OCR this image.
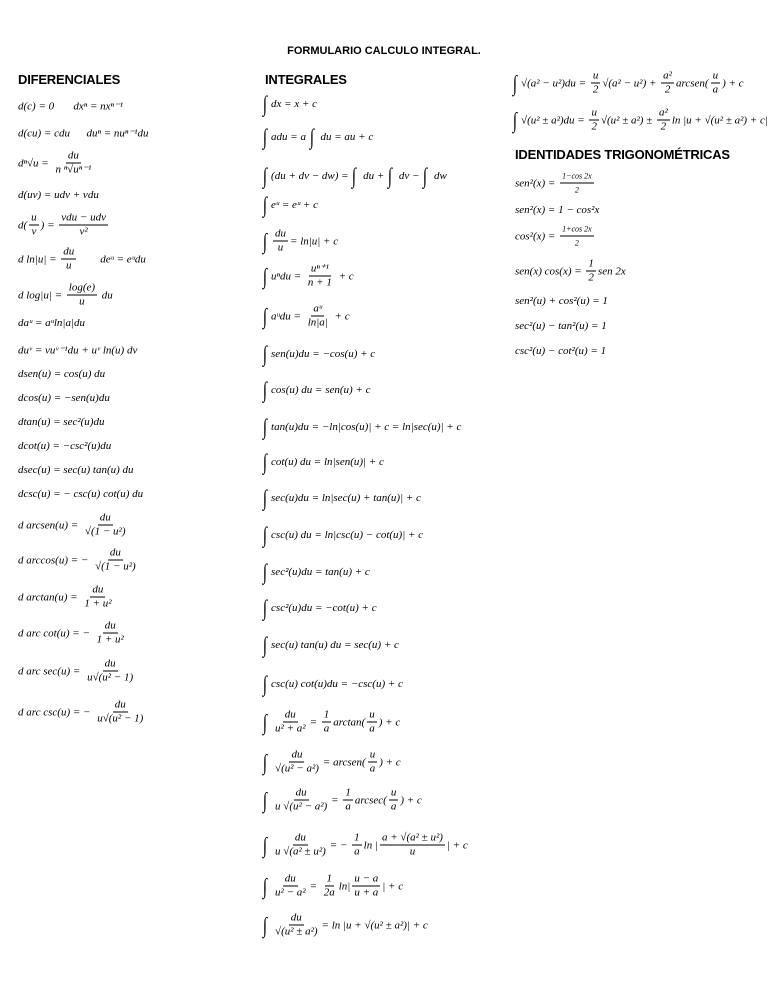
FORMULARIO CALCULO INTEGRAL.
DIFERENCIALES	INTEGRALES
IDENTIDADES TRIGONOMÉTRICAS
d(c) = 0       dxⁿ = nxⁿ⁻¹
d(cu) = cdu      duⁿ = nuⁿ⁻¹du
$d^n√u = \frac{du}{\text{n ⁿ√uⁿ⁻¹}}$
d(uv) = udv + vdu
$d( \frac{u}{v}$ ) =
vdu − udv
v²
d $\ln|u| = \frac{du}{u}$ deᵘ = eᵘdu
d $\log|u| = \frac{\log(e)}{u}$ du
daᵘ = aᵘln|a|du
duᵛ = vuᵛ⁻¹du + uᵛ ln(u) dv
dsen(u) = cos(u) du
dcos(u) = −sen(u)du
dtan(u) = sec²(u)du
dcot(u) = −csc²(u)du
dsec(u) = sec(u) tan(u) du
dcsc(u) = − csc(u) cot(u) du
d arcsen(u) = $\frac{du}{\text{√(1 − u²)}}$
d arccos(u) = − $\frac{du}{\text{√(1 − u²)}}$
d $\arctan(u) = \frac{du}{\text{1 + u²}}$
d arc cot(u) = − $\frac{du}{\text{1 + u²}}$
d arc $\sec(u) = \frac{du}{\text{u√(u² − 1)}}$
d arc csc(u) = − $\frac{du}{\text{u√(u² − 1)}}$
∫ dx = x + c
∫ adu = a ∫ du = au + c
∫ (du + dv − dw) = ∫ du + ∫ dv − ∫ dw
∫ eᵘ = eᵘ + c
∫ $\frac{du}{u} = \ln|u| + c$
∫ $u^ndu = \frac{\text{uⁿ⁺¹}}{n + 1} + c$
∫ aᵘdu = $\frac{\text{aᵘ}}{\ln|a|} + c$
∫ sen(u)du = −cos(u) + c
∫ cos(u) du = sen(u) + c
∫ tan(u)du = −ln|cos(u)| + c = ln|sec(u)| + c
∫ cot(u) du = ln|sen(u)| + c
∫ sec(u)du = ln|sec(u) + tan(u)| + c
∫ csc(u) du = ln|csc(u) − cot(u)| + c
∫ sec²(u)du = tan(u) + c
∫ csc²(u)du = −cot(u) + c
∫ sec(u) tan(u) du = sec(u) + c
∫ csc(u) cot(u)du = −csc(u) + c
∫ $\frac{du}{\text{u² + a²}} = \frac{1}{a} \arctan( \frac{u}{a}$ ) + c
∫ $\frac{du}{\text{√(u² − a²)}}$ = arcsen( $\frac{u}{a}$ ) + c
∫ $\frac{du}{\text{u √(u² − a²)}} = \frac{1}{a} arcsec( \frac{u}{a}$ ) + c
∫ $\frac{du}{\text{u √(a² ± u²)}}$ = − $\frac{1}{a}$ ln | $\frac{\text{a + √(a² ± u²)}}{u}$ | + c
∫ $\frac{du}{\text{u² − a²}} = \frac{1}{2a} \ln| \frac{u - a}{u + a}$ | + c
∫ $\frac{du}{\text{√(u² ± a²)}} = \ln |u + √(u^2 \pm a^2)| + c$
∫ $√(a^2 - u^2)du = \frac{u}{2} √(a^2 - u^2) + \frac{\text{a²}}{2}$ arcsen( $\frac{u}{a}$ ) + c
∫ $√(u^2 \pm a^2)du = \frac{u}{2} √(u^2 \pm a^2) \pm \frac{\text{a²}}{2}$ ln |u + √(u² ± a²) + c|
$sen^2(x) = \frac{1-\cos 2x}{2}$
sen²(x) = 1 − cos²x
$\cos^2(x) = \frac{1+\cos 2x}{2}$
sen(x) $\cos(x) = \frac{1}{2}$ sen 2x
sen²(u) + cos²(u) = 1
sec²(u) − tan²(u) = 1
csc²(u) − cot²(u) = 1
